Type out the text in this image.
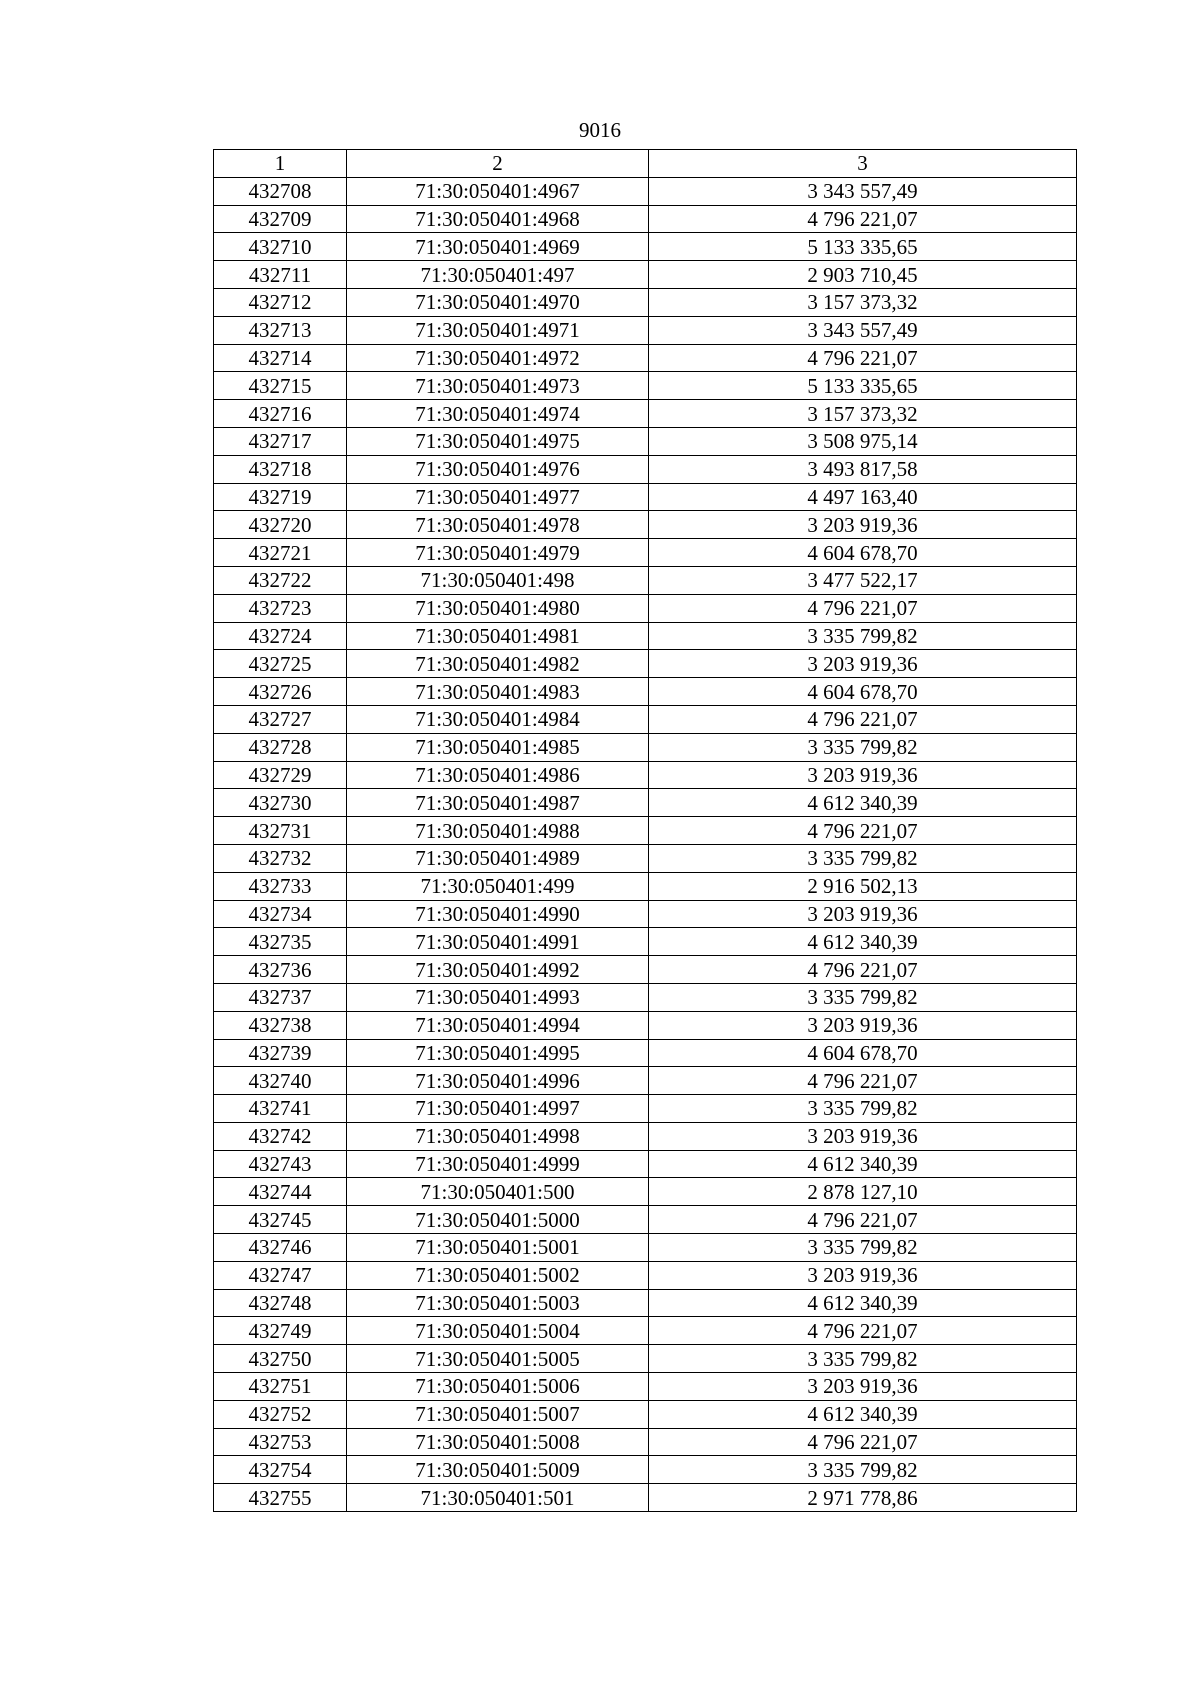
9016
1	2	3
432708	71:30:050401:4967	3 343 557,49
432709	71:30:050401:4968	4 796 221,07
432710	71:30:050401:4969	5 133 335,65
432711	71:30:050401:497	2 903 710,45
432712	71:30:050401:4970	3 157 373,32
432713	71:30:050401:4971	3 343 557,49
432714	71:30:050401:4972	4 796 221,07
432715	71:30:050401:4973	5 133 335,65
432716	71:30:050401:4974	3 157 373,32
432717	71:30:050401:4975	3 508 975,14
432718	71:30:050401:4976	3 493 817,58
432719	71:30:050401:4977	4 497 163,40
432720	71:30:050401:4978	3 203 919,36
432721	71:30:050401:4979	4 604 678,70
432722	71:30:050401:498	3 477 522,17
432723	71:30:050401:4980	4 796 221,07
432724	71:30:050401:4981	3 335 799,82
432725	71:30:050401:4982	3 203 919,36
432726	71:30:050401:4983	4 604 678,70
432727	71:30:050401:4984	4 796 221,07
432728	71:30:050401:4985	3 335 799,82
432729	71:30:050401:4986	3 203 919,36
432730	71:30:050401:4987	4 612 340,39
432731	71:30:050401:4988	4 796 221,07
432732	71:30:050401:4989	3 335 799,82
432733	71:30:050401:499	2 916 502,13
432734	71:30:050401:4990	3 203 919,36
432735	71:30:050401:4991	4 612 340,39
432736	71:30:050401:4992	4 796 221,07
432737	71:30:050401:4993	3 335 799,82
432738	71:30:050401:4994	3 203 919,36
432739	71:30:050401:4995	4 604 678,70
432740	71:30:050401:4996	4 796 221,07
432741	71:30:050401:4997	3 335 799,82
432742	71:30:050401:4998	3 203 919,36
432743	71:30:050401:4999	4 612 340,39
432744	71:30:050401:500	2 878 127,10
432745	71:30:050401:5000	4 796 221,07
432746	71:30:050401:5001	3 335 799,82
432747	71:30:050401:5002	3 203 919,36
432748	71:30:050401:5003	4 612 340,39
432749	71:30:050401:5004	4 796 221,07
432750	71:30:050401:5005	3 335 799,82
432751	71:30:050401:5006	3 203 919,36
432752	71:30:050401:5007	4 612 340,39
432753	71:30:050401:5008	4 796 221,07
432754	71:30:050401:5009	3 335 799,82
432755	71:30:050401:501	2 971 778,86
